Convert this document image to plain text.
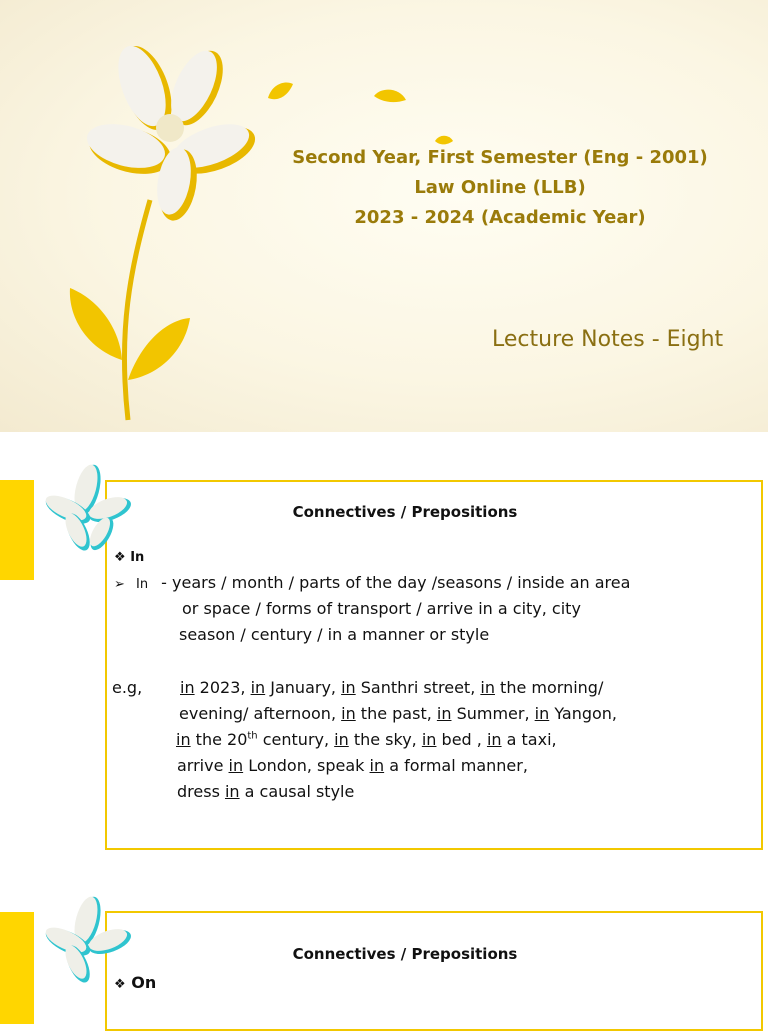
Second Year, First Semester (Eng - 2001)
Law Online (LLB)
2023 - 2024 (Academic Year)
Lecture Notes - Eight
Connectives / Prepositions
❖ In
➢ In - years / month / parts of the day /seasons / inside an area
or space / forms of transport / arrive in a city, city
season / century / in a manner or style
e.g, in 2023, in January, in Santhri street, in the morning/
evening/ afternoon, in the past, in Summer, in Yangon,
in the 20th century, in the sky, in bed , in a taxi,
arrive in London, speak in a formal manner,
dress in a causal style
Connectives / Prepositions
❖ On
